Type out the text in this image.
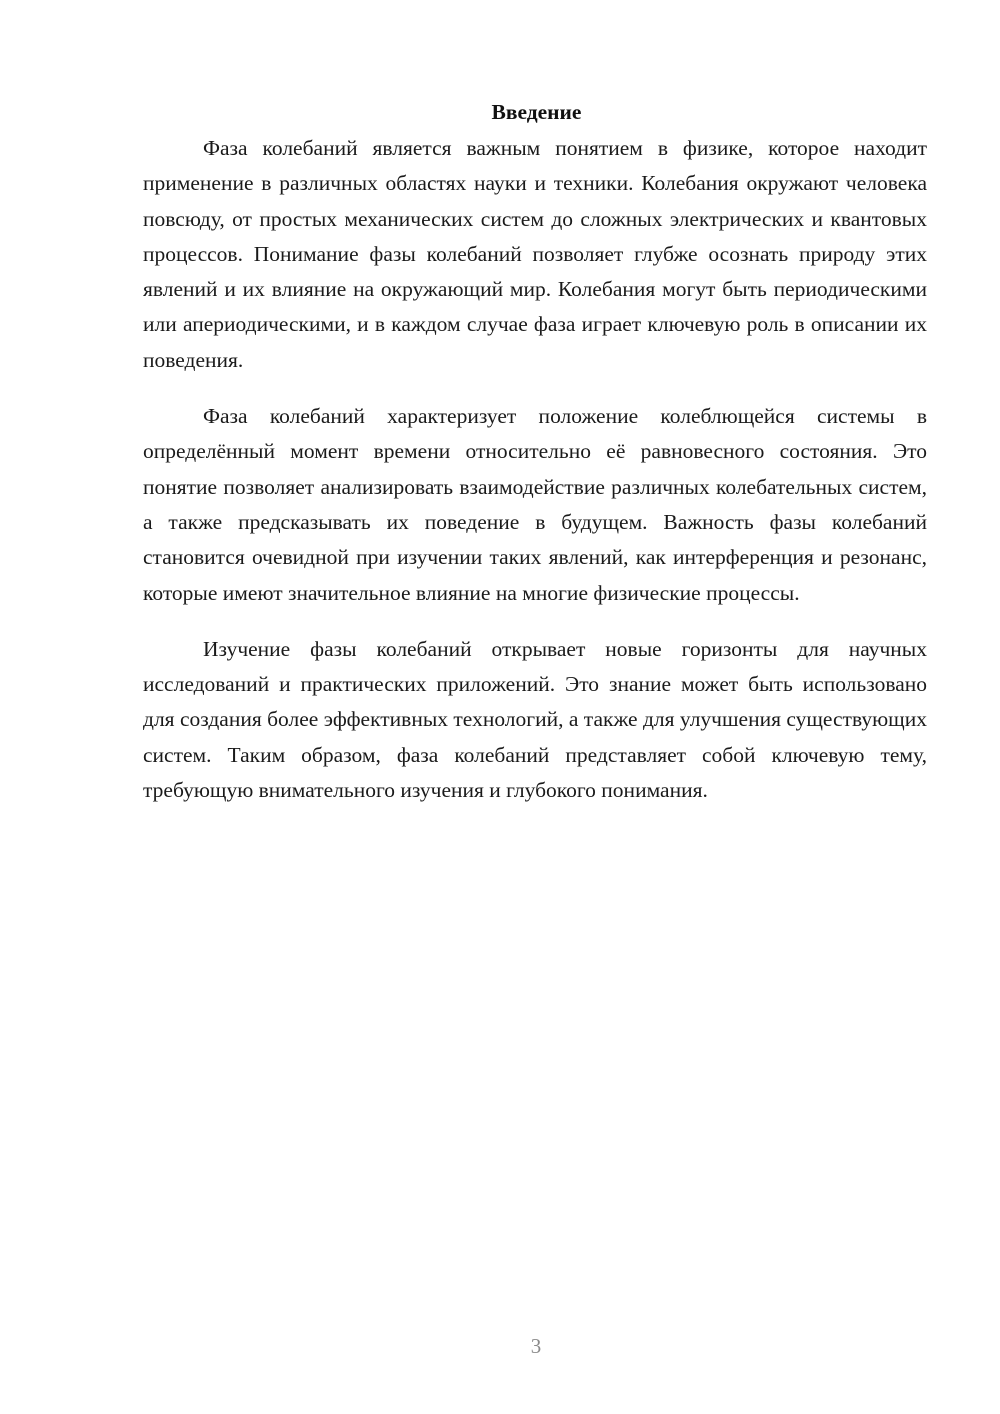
Введение

Фаза колебаний является важным понятием в физике, которое находит применение в различных областях науки и техники. Колебания окружают человека повсюду, от простых механических систем до сложных электрических и квантовых процессов. Понимание фазы колебаний позволяет глубже осознать природу этих явлений и их влияние на окружающий мир. Колебания могут быть периодическими или апериодическими, и в каждом случае фаза играет ключевую роль в описании их поведения.

Фаза колебаний характеризует положение колеблющейся системы в определённый момент времени относительно её равновесного состояния. Это понятие позволяет анализировать взаимодействие различных колебательных систем, а также предсказывать их поведение в будущем. Важность фазы колебаний становится очевидной при изучении таких явлений, как интерференция и резонанс, которые имеют значительное влияние на многие физические процессы.

Изучение фазы колебаний открывает новые горизонты для научных исследований и практических приложений. Это знание может быть использовано для создания более эффективных технологий, а также для улучшения существующих систем. Таким образом, фаза колебаний представляет собой ключевую тему, требующую внимательного изучения и глубокого понимания.

3
